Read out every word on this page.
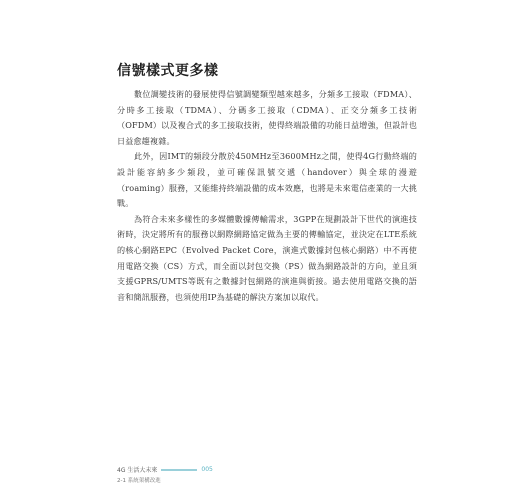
信號樣式更多樣

數位調變技術的發展使得信號調變類型越來越多，分頻多工接取（FDMA）、分時多工接取（TDMA）、分碼多工接取（CDMA）、正交分頻多工技術（OFDM）以及複合式的多工接取技術，使得終端設備的功能日益增強，但設計也日益愈趨複雜。

此外，因IMT的頻段分散於450MHz至3600MHz之間，使得4G行動終端的設計能容納多少頻段，並可確保訊號交遞（handover）與全球的漫遊（roaming）服務，又能維持終端設備的成本效應，也將是未來電信產業的一大挑戰。

為符合未來多樣性的多媒體數據傳輸需求，3GPP在規劃設計下世代的演進技術時，決定將所有的服務以網際網路協定做為主要的傳輸協定，並決定在LTE系統的核心網路EPC（Evolved Packet Core，演進式數據封包核心網路）中不再使用電路交換（CS）方式，而全面以封包交換（PS）做為網路設計的方向，並且須支援GPRS/UMTS等既有之數據封包網路的演進與銜接。過去使用電路交換的語音和簡訊服務，也須使用IP為基礎的解決方案加以取代。

4G 生活大未來	005
2-1 系統架構改進
